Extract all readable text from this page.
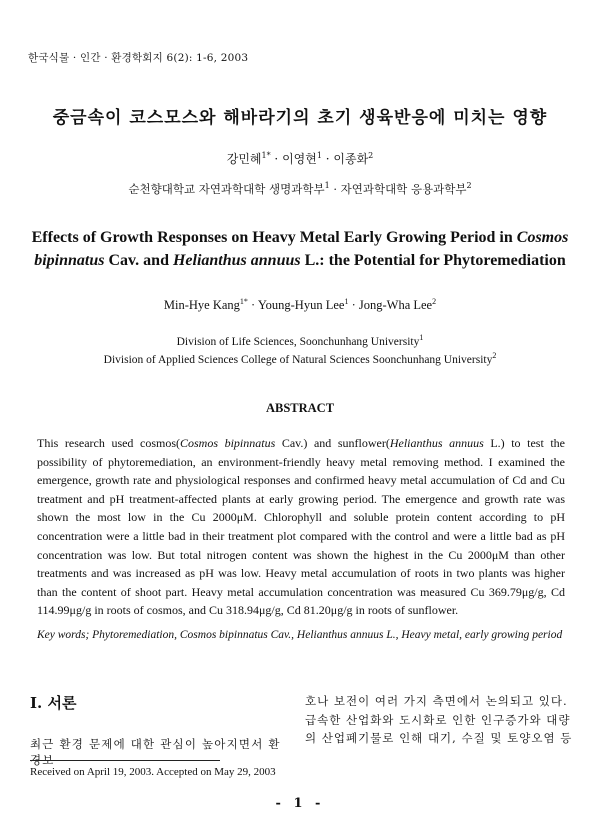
한국식물 · 인간 · 환경학회지 6(2): 1-6, 2003
중금속이 코스모스와 해바라기의 초기 생육반응에 미치는 영향
강민혜$^{1*}$ · 이영현$^1$ · 이종화$^2$
순천향대학교 자연과학대학 생명과학부$^1$ · 자연과학대학 응용과학부$^2$
Effects of Growth Responses on Heavy Metal Early Growing Period in Cosmos
bipinnatus Cav. and Helianthus annuus L.: the Potential for Phytoremediation
Min-Hye Kang$^{1*}$ · Young-Hyun Lee$^1$ · Jong-Wha Lee$^2$
Division of Life Sciences, Soonchunhang University$^1$
Division of Applied Sciences College of Natural Sciences Soonchunhang University$^2$
ABSTRACT
This research used cosmos(Cosmos bipinnatus Cav.) and sunflower(Helianthus annuus L.) to test the possibility of phytoremediation, an environment-friendly heavy metal removing method. I examined the emergence, growth rate and physiological responses and confirmed heavy metal accumulation of Cd and Cu treatment and pH treatment-affected plants at early growing period. The emergence and growth rate was shown the most low in the Cu 2000μM. Chlorophyll and soluble protein content according to pH concentration were a little bad in their treatment plot compared with the control and were a little bad as pH concentration was low. But total nitrogen content was shown the highest in the Cu 2000μM than other treatments and was increased as pH was low. Heavy metal accumulation of roots in two plants was higher than the content of shoot part. Heavy metal accumulation concentration was measured Cu 369.79μg/g, Cd 114.99μg/g in roots of cosmos, and Cu 318.94μg/g, Cd 81.20μg/g in roots of sunflower.
Key words; Phytoremediation, Cosmos bipinnatus Cav., Helianthus annuus L., Heavy metal, early growing period
I. 서론
최근 환경 문제에 대한 관심이 높아지면서 환경보
호나 보전이 여러 가지 측면에서 논의되고 있다.
급속한 산업화와 도시화로 인한 인구증가와 대량
의 산업폐기물로 인해 대기, 수질 및 토양오염 등
Received on April 19, 2003. Accepted on May 29, 2003
- 1 -
